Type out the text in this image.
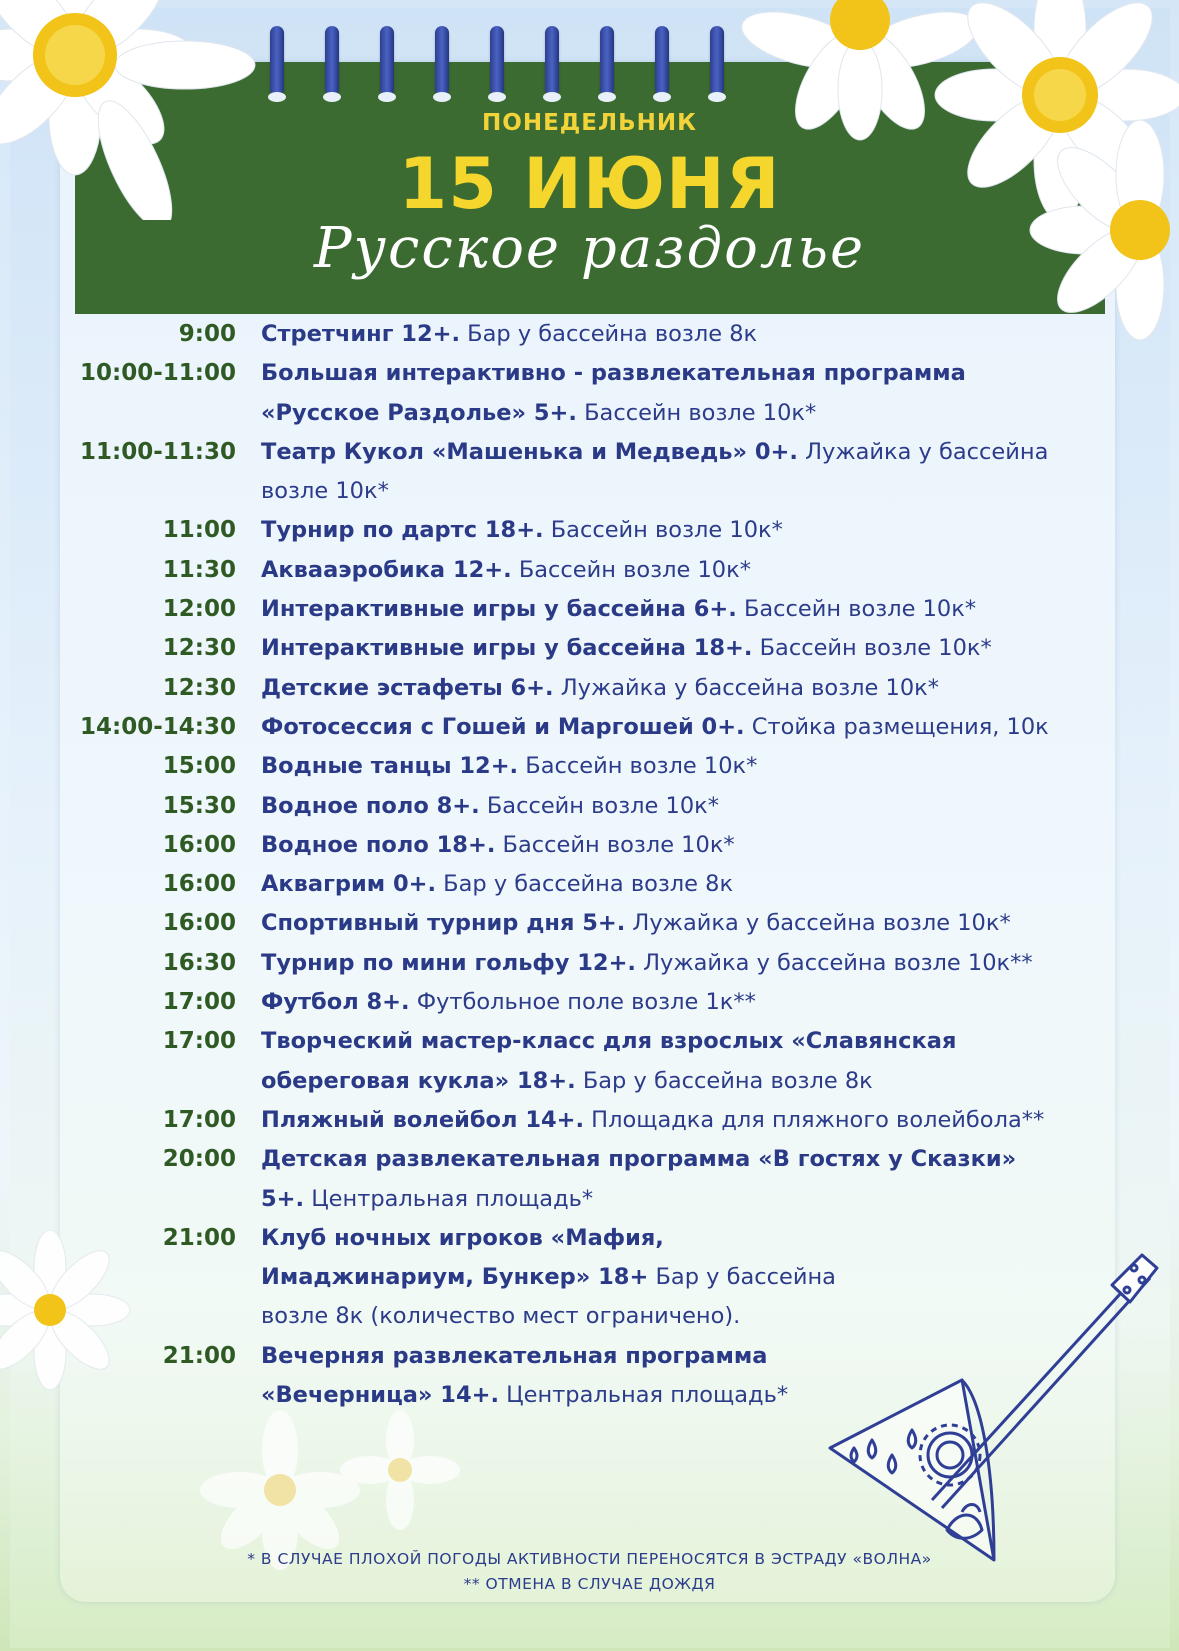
ПОНЕДЕЛЬНИК
15 ИЮНЯ
Русское раздолье
9:00 Стретчинг 12+. Бар у бассейна возле 8к
10:00-11:00 Большая интерактивно - развлекательная программа «Русское Раздолье» 5+. Бассейн возле 10к*
11:00-11:30 Театр Кукол «Машенька и Медведь» 0+. Лужайка у бассейна возле 10к*
11:00 Турнир по дартс 18+. Бассейн возле 10к*
11:30 Аквааэробика 12+. Бассейн возле 10к*
12:00 Интерактивные игры у бассейна 6+. Бассейн возле 10к*
12:30 Интерактивные игры у бассейна 18+. Бассейн возле 10к*
12:30 Детские эстафеты 6+. Лужайка у бассейна возле 10к*
14:00-14:30 Фотосессия с Гошей и Маргошей 0+. Стойка размещения, 10к
15:00 Водные танцы 12+. Бассейн возле 10к*
15:30 Водное поло 8+. Бассейн возле 10к*
16:00 Водное поло 18+. Бассейн возле 10к*
16:00 Аквагрим 0+. Бар у бассейна возле 8к
16:00 Спортивный турнир дня 5+. Лужайка у бассейна возле 10к*
16:30 Турнир по мини гольфу 12+. Лужайка у бассейна возле 10к**
17:00 Футбол 8+. Футбольное поле возле 1к**
17:00 Творческий мастер-класс для взрослых «Славянская обереговая кукла» 18+. Бар у бассейна возле 8к
17:00 Пляжный волейбол 14+. Площадка для пляжного волейбола**
20:00 Детская развлекательная программа «В гостях у Сказки» 5+. Центральная площадь*
21:00 Клуб ночных игроков «Мафия, Имаджинариум, Бункер» 18+ Бар у бассейна возле 8к (количество мест ограничено).
21:00 Вечерняя развлекательная программа «Вечерница» 14+. Центральная площадь*
* В СЛУЧАЕ ПЛОХОЙ ПОГОДЫ АКТИВНОСТИ ПЕРЕНОСЯТСЯ В ЭСТРАДУ «ВОЛНА»
** ОТМЕНА В СЛУЧАЕ ДОЖДЯ
